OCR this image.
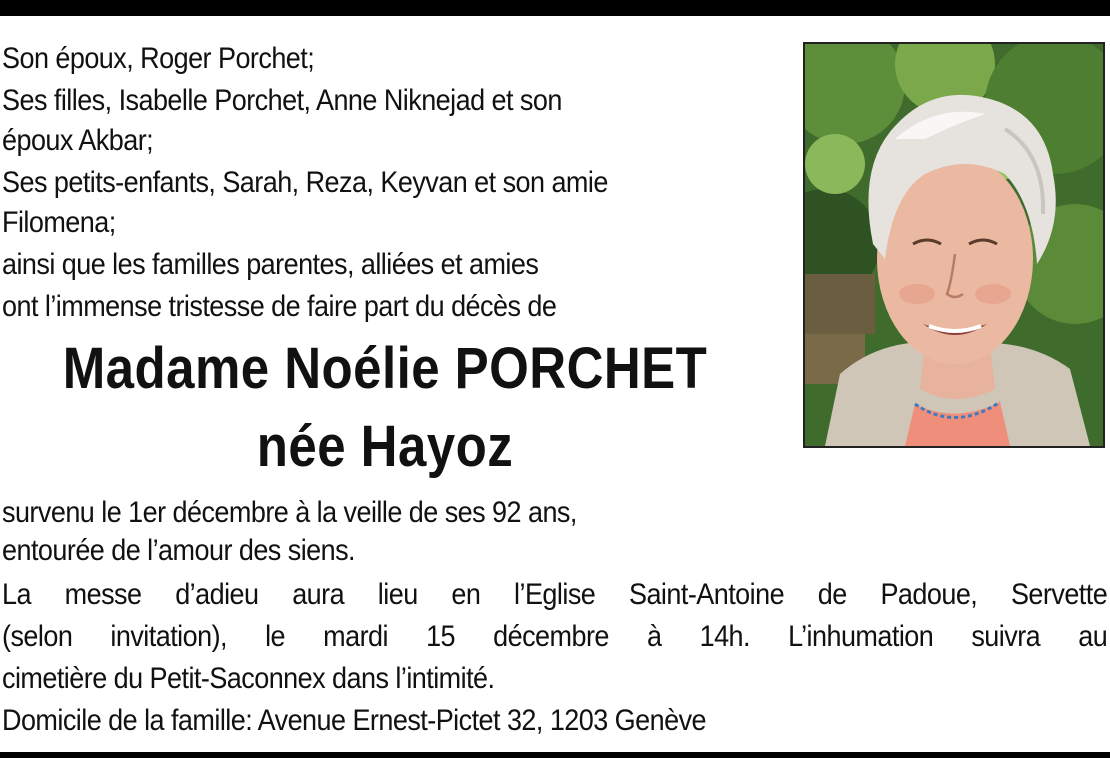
Son époux, Roger Porchet;

Ses filles, Isabelle Porchet, Anne Niknejad et son

époux Akbar;

Ses petits-enfants, Sarah, Reza, Keyvan et son amie

Filomena;

ainsi que les familles parentes, alliées et amies

ont l’immense tristesse de faire part du décès de

Madame Noélie PORCHET
née Hayoz

survenu le 1er décembre à la veille de ses 92 ans,

entourée de l’amour des siens.

La messe d’adieu aura lieu en l’Eglise Saint-Antoine de Padoue, Servette

(selon invitation), le mardi 15 décembre à 14h. L’inhumation suivra au

cimetière du Petit-Saconnex dans l’intimité.

Domicile de la famille: Avenue Ernest-Pictet 32, 1203 Genève
